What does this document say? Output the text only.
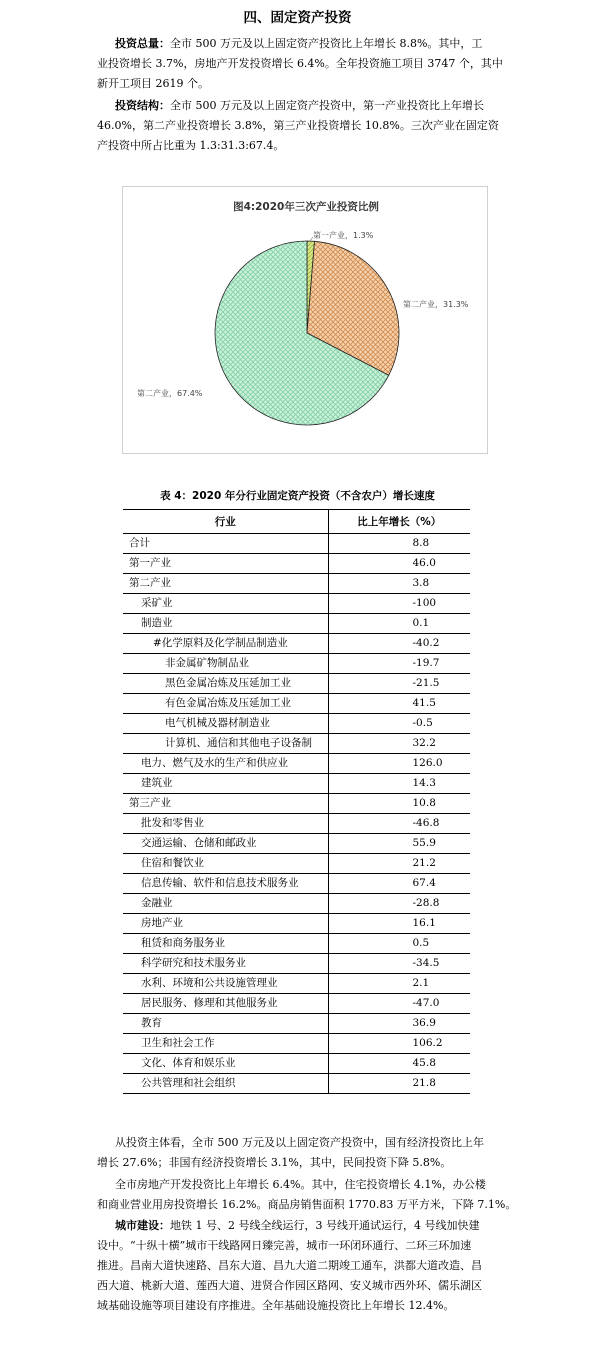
四、固定资产投资
投资总量：全市 500 万元及以上固定资产投资比上年增长 8.8%。其中，工
业投资增长 3.7%，房地产开发投资增长 6.4%。全年投资施工项目 3747 个，其中
新开工项目 2619 个。
投资结构：全市 500 万元及以上固定资产投资中，第一产业投资比上年增长
46.0%，第二产业投资增长 3.8%，第三产业投资增长 10.8%。三次产业在固定资
产投资中所占比重为 1.3:31.3:67.4。
图4:2020年三次产业投资比例
第一产业，1.3%
第二产业，31.3%
第二产业，67.4%
表 4：2020 年分行业固定资产投资（不含农户）增长速度
行业	比上年增长（%）
合计	8.8
第一产业	46.0
第二产业	3.8
采矿业	-100
制造业	0.1
#化学原料及化学制品制造业	-40.2
非金属矿物制品业	-19.7
黑色金属冶炼及压延加工业	-21.5
有色金属冶炼及压延加工业	41.5
电气机械及器材制造业	-0.5
计算机、通信和其他电子设备制	32.2
电力、燃气及水的生产和供应业	126.0
建筑业	14.3
第三产业	10.8
批发和零售业	-46.8
交通运输、仓储和邮政业	55.9
住宿和餐饮业	21.2
信息传输、软件和信息技术服务业	67.4
金融业	-28.8
房地产业	16.1
租赁和商务服务业	0.5
科学研究和技术服务业	-34.5
水利、环境和公共设施管理业	2.1
居民服务、修理和其他服务业	-47.0
教育	36.9
卫生和社会工作	106.2
文化、体育和娱乐业	45.8
公共管理和社会组织	21.8
从投资主体看，全市 500 万元及以上固定资产投资中，国有经济投资比上年
增长 27.6%；非国有经济投资增长 3.1%，其中，民间投资下降 5.8%。
全市房地产开发投资比上年增长 6.4%。其中，住宅投资增长 4.1%，办公楼
和商业营业用房投资增长 16.2%。商品房销售面积 1770.83 万平方米，下降 7.1%。
城市建设：地铁 1 号、2 号线全线运行，3 号线开通试运行，4 号线加快建
设中。“十纵十横”城市干线路网日臻完善，城市一环闭环通行、二环三环加速
推进。昌南大道快速路、昌东大道、昌九大道二期竣工通车，洪都大道改造、昌
西大道、桃新大道、莲西大道、进贤合作园区路网、安义城市西外环、儒乐湖区
域基础设施等项目建设有序推进。全年基础设施投资比上年增长 12.4%。
